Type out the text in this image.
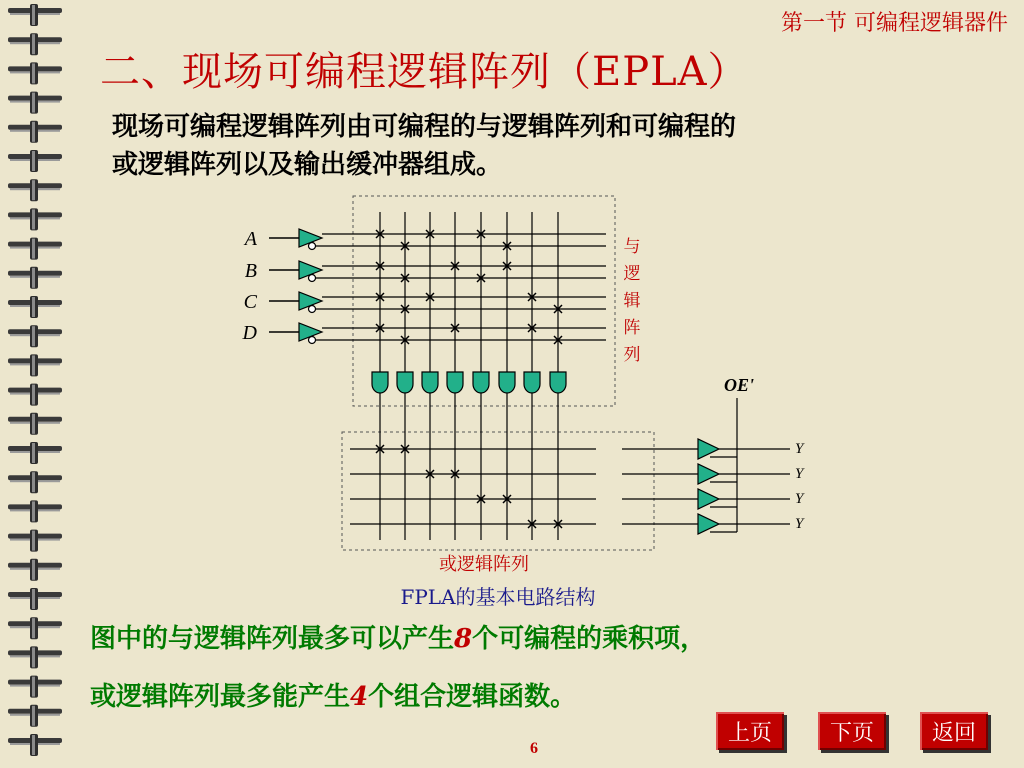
第一节 可编程逻辑器件
二、现场可编程逻辑阵列（EPLA）
现场可编程逻辑阵列由可编程的与逻辑阵列和可编程的
或逻辑阵列以及输出缓冲器组成。
A
B
C
D
Y
Y
Y
Y
OE'
与
逻
辑
阵
列
或逻辑阵列
FPLA的基本电路结构
图中的与逻辑阵列最多可以产生8个可编程的乘积项，
或逻辑阵列最多能产生4个组合逻辑函数。
上页	下页	返回
6
